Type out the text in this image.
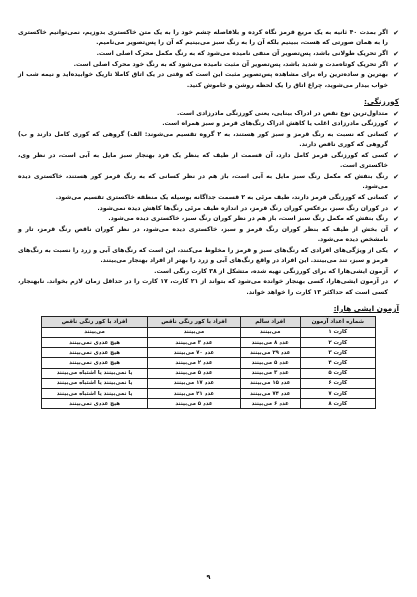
✔
اگر بمدت ۴۰ ثانیه به یک مربع قرمز نگاه کرده و بلافاصله چشم خود را به یک متن خاکستری بدوزیم، نمی‌توانیم خاکستری را به همان صورتی که هست، ببینیم بلکه آن را به رنگ سبز می‌بینیم که آن را پس‌تصویر می‌نامیم.
✔
اگر تحریک طولانی باشد، پس‌تصویر آن منفی نامیده می‌شود که به رنگ مکمل محرک اصلی است.
✔
اگر تحریک کوتاه‌مدت و شدید باشد، پس‌تصویر آن مثبت نامیده می‌شود که به رنگ خود محرک اصلی است.
✔
بهترین و ساده‌ترین راه برای مشاهده پس‌تصویر مثبت این است که وقتی در یک اتاق کاملا تاریک خوابیده‌اید و نیمه شب از خواب بیدار می‌شوید، چراغ اتاق را یک لحظه روشن و خاموش کنید.
کورزنگی:
✔
متداول‌ترین نوع نقص در ادراک بینایی، یعنی کورزنگی مادرزادی است.
✔
کورزنگی مادرزادی اغلب یا کاهش ادراک رنگ‌های قرمز و سبز همراه است.
✔
کسانی که نسبت به رنگ قرمز و سبز کور هستند، به ۲ گروه تقسیم می‌شوند: الف) گروهی که کوری کامل دارند و ب) گروهی که کوری ناقص دارند.
✔
کسی که کورزنگی قرمز کامل دارد، آن قسمت از طیف که بنظر یک فرد بهنجار سبز مایل به آبی است، در نظر وی، خاکستری است.
✔
رنگ بنفش که مکمل رنگ سبز مایل به آبی است، باز هم در نظر کسانی که به رنگ قرمز کور هستند، خاکستری دیده می‌شود.
✔
کسانی که کورزنگی قرمز دارند، طیف مرئی به ۲ قسمت جداگانه بوسیله یک منطقه خاکستری تقسیم می‌شود.
✔
در کوران رنگ سبز، برعکس کوران رنگ قرمز، در اندازه طیف مرئی رنگ‌ها کاهش دیده نمی‌شود.
✔
رنگ بنفش که مکمل رنگ سبز است، باز هم در نظر کوران رنگ سبز، خاکستری دیده می‌شود.
✔
آن بخش از طیف که بنظر کوران رنگ قرمز و سبز، خاکستری دیده می‌شود، در نظر کوران ناقص رنگ قرمز، تار و نامشخص دیده می‌شود.
✔
یکی از ویژگی‌های افرادی که رنگ‌های سبز و قرمز را مخلوط می‌کنند، این است که رنگ‌های آبی و زرد را نسبت به رنگ‌های قرمز و سبز، تند می‌بینند. این افراد در واقع رنگ‌های آبی و زرد را بهتر از افراد بهنجار می‌بینند.
✔
آزمون ایشی‌هارا که برای کورزنگی تهیه شده، متشکل از ۳۸ کارت رنگی است.
✔
در آزمون ایشی‌هارا، کسی بهنجار خوانده می‌شود که بتواند از ۲۱ کارت، ۱۷ کارت را در حداقل زمان لازم بخواند. نابهنجار، کسی است که حداکثر ۱۳ کارت را خواهد خواند.
آزمون ایشی هارا:
شماره اعداد آزمون	افراد سالم	افراد با کور رنگی ناقص	افراد با کور رنگی ناقص
کارت ۱	می‌بینند	می‌بینند	می‌بینند
کارت ۲	عدد ۸ می‌بینند	عدد ۳ می‌بینند	هیچ عددی نمی‌بینند
کارت ۳	عدد ۲۹ می‌بینند	عدد ۷۰ می‌بینند	هیچ عددی نمی‌بینند
کارت ۴	عدد ۵ می‌بینند	عدد ۲ می‌بینند	هیچ عددی نمی‌بینند
کارت ۵	عدد ۳ می‌بینند	عدد ۵ می‌بینند	یا نمی‌بینند یا اشتباه می‌بینند
کارت ۶	عدد ۱۵ می‌بینند	عدد ۱۷ می‌بینند	یا نمی‌بینند یا اشتباه می‌بینند
کارت ۷	عدد ۷۴ می‌بینند	عدد ۲۱ می‌بینند	یا نمی‌بینند یا اشتباه می‌بینند
کارت ۸	عدد ۶ می‌بینند	عدد ۵ می‌بینند	هیچ عددی نمی‌بینند
۹
